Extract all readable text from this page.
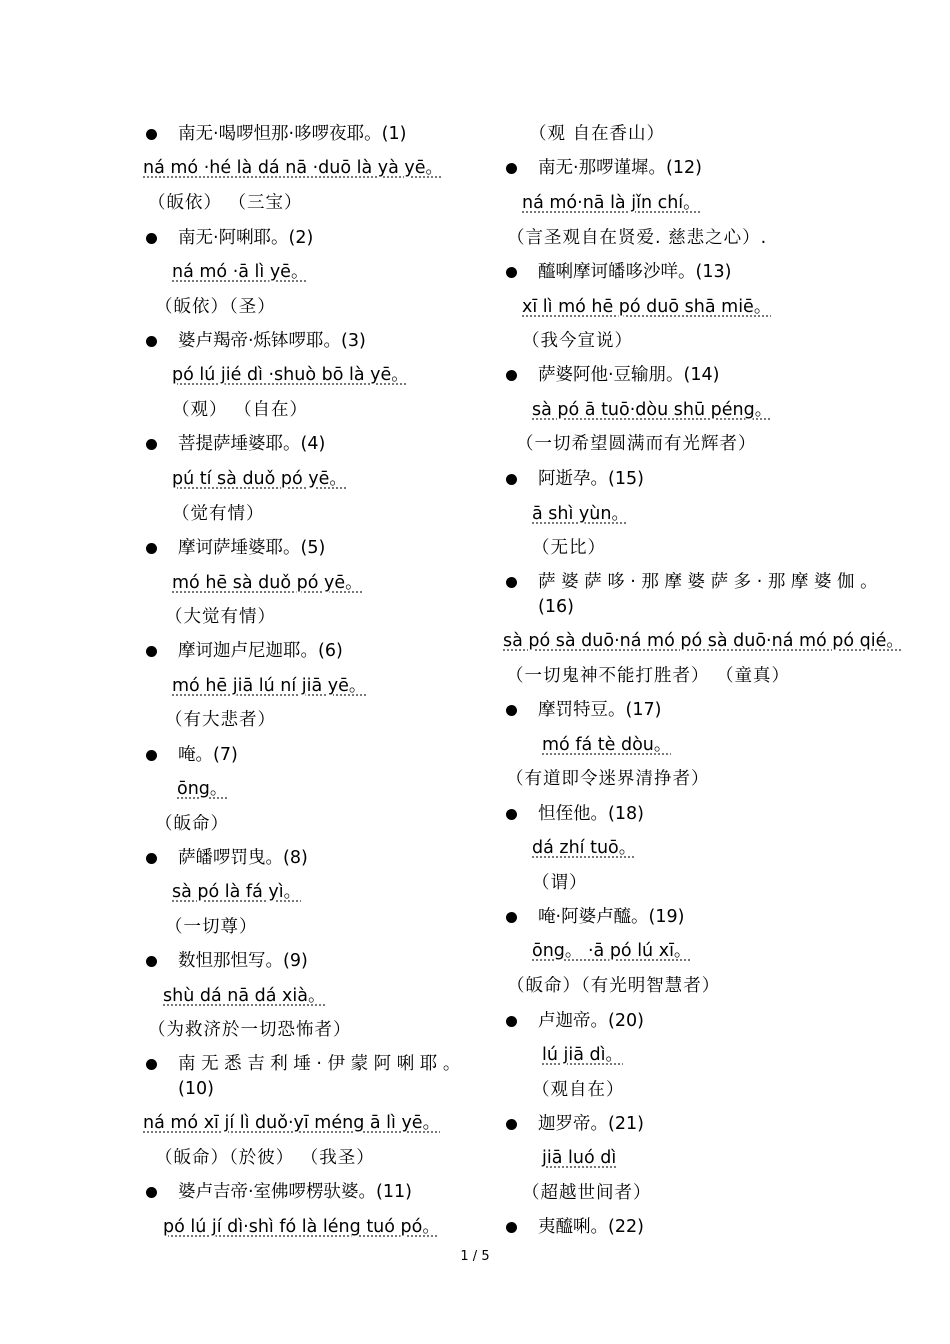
南无·喝啰怛那·哆啰夜耶。(1)
ná mó ·hé là dá nā ·duō là yà yē。
（皈依） （三宝）
南无·阿唎耶。(2)
ná mó ·ā lì yē。
（皈依）（圣）
婆卢羯帝·烁钵啰耶。(3)
pó lú jié dì ·shuò bō là yē。
（观） （自在）
菩提萨埵婆耶。(4)
pú tí sà duǒ pó yē。
（觉有情）
摩诃萨埵婆耶。(5)
mó hē sà duǒ pó yē。
（大觉有情）
摩诃迦卢尼迦耶。(6)
mó hē jiā lú ní jiā yē。
（有大悲者）
唵。(7)
ōng。
（皈命）
萨皤啰罚曳。(8)
sà pó là fá yì。
（一切尊）
数怛那怛写。(9)
shù dá nā dá xià。
（为救济於一切恐怖者）
南 无 悉 吉 利 埵 · 伊 蒙 阿 唎 耶 。
(10)
ná mó xī jí lì duǒ·yī méng ā lì yē。
（皈命）（於彼） （我圣）
婆卢吉帝·室佛啰楞驮婆。(11)
pó lú jí dì·shì fó là léng tuó pó。
（观 自在香山）
南无·那啰谨墀。(12)
ná mó·nā là jǐn chí。
（言圣观自在贤爱. 慈悲之心）.
醯唎摩诃皤哆沙咩。(13)
xī lì mó hē pó duō shā miē。
（我今宣说）
萨婆阿他·豆输朋。(14)
sà pó ā tuō·dòu shū péng。
（一切希望圆满而有光辉者）
阿逝孕。(15)
ā shì yùn。
（无比）
萨 婆 萨 哆 · 那 摩 婆 萨 多 · 那 摩 婆 伽 。
(16)
sà pó sà duō·ná mó pó sà duō·ná mó pó qié。
（一切鬼神不能打胜者） （童真）
摩罚特豆。(17)
mó fá tè dòu。
（有道即令迷界清挣者）
怛侄他。(18)
dá zhí tuō。
（谓）
唵·阿婆卢醯。(19)
ōng。 ·ā pó lú xī。
（皈命）（有光明智慧者）
卢迦帝。(20)
lú jiā dì。
（观自在）
迦罗帝。(21)
jiā luó dì
（超越世间者）
夷醯唎。(22)
1 / 5
